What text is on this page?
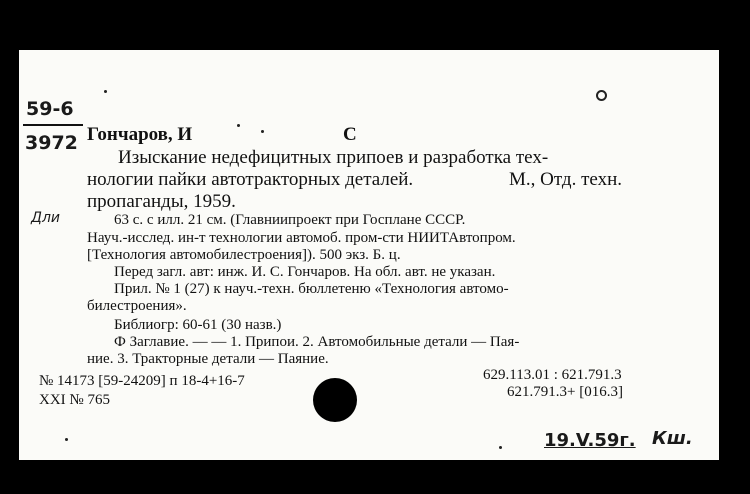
59-6
3972
Дли
Гончаров, И	С
Изыскание недефицитных припоев и разработка тех-
нологии пайки автотракторных деталей.	М., Отд. техн.
пропаганды, 1959.
63 с. с илл. 21 см. (Главниипроект при Госплане СССР.
Науч.-исслед. ин-т технологии автомоб. пром-сти НИИТАвтопром.
[Технология автомобилестроения]). 500 экз. Б. ц.
Перед загл. авт: инж. И. С. Гончаров. На обл. авт. не указан.
Прил. № 1 (27) к науч.-техн. бюллетеню «Технология автомо-
билестроения».
Библиогр: 60-61 (30 назв.)
Ф Заглавие. — — 1. Припои. 2. Автомобильные детали — Пая-
ние. 3. Тракторные детали — Паяние.
№ 14173 [59-24209] п 18-4+16-7
XXI № 765
629.113.01 : 621.791.3
621.791.3+ [016.3]
19.V.59г. Кш.
